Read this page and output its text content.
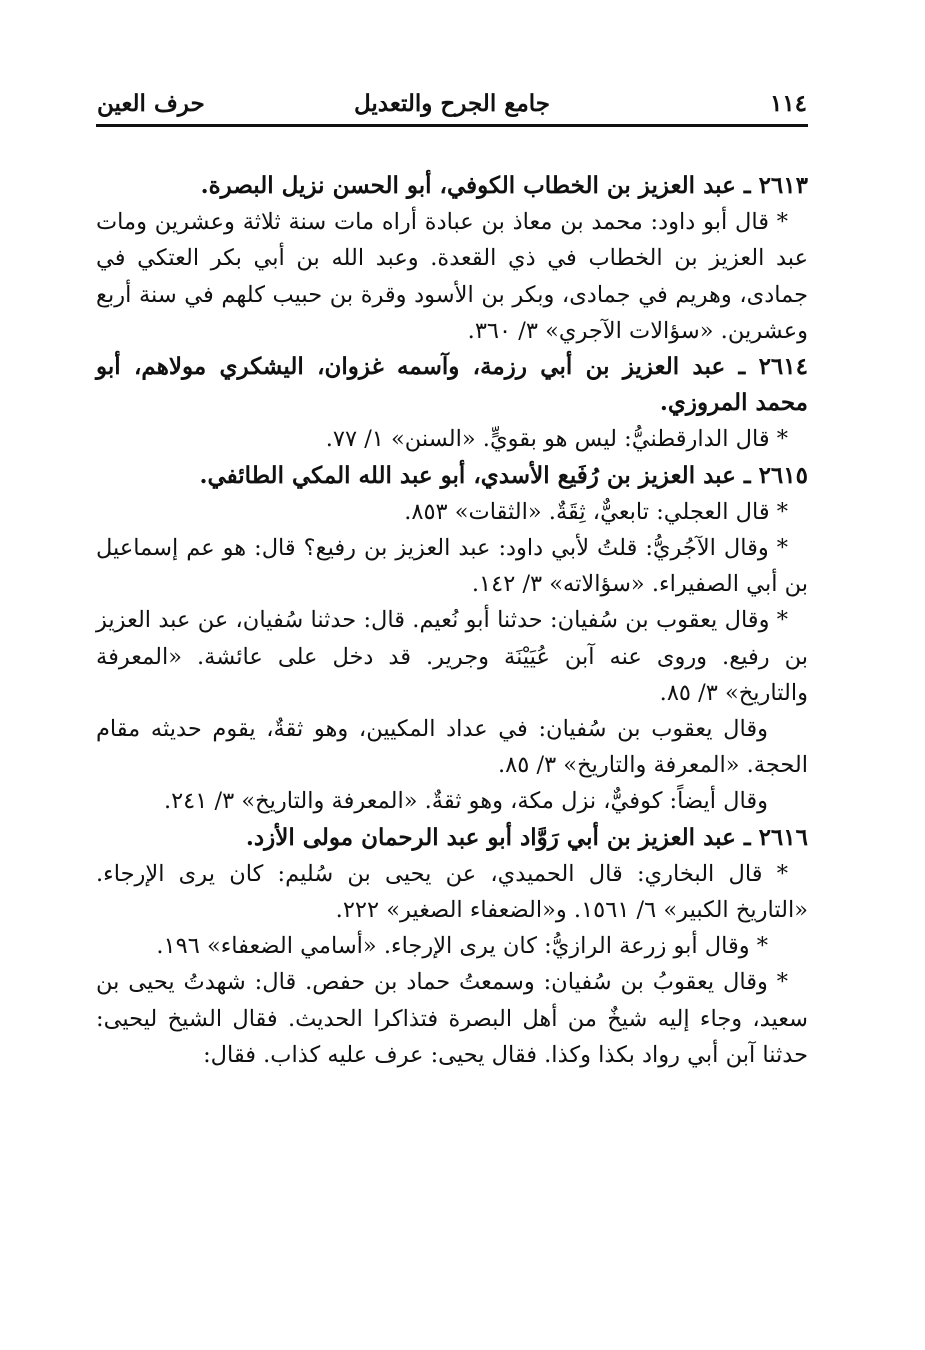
١١٤
جامع الجرح والتعديل
حرف العين

٢٦١٣ ـ عبد العزيز بن الخطاب الكوفي، أبو الحسن نزيل البصرة.

* قال أبو داود: محمد بن معاذ بن عبادة أراه مات سنة ثلاثة وعشرين ومات عبد العزيز بن الخطاب في ذي القعدة. وعبد الله بن أبي بكر العتكي في جمادى، وهريم في جمادى، وبكر بن الأسود وقرة بن حبيب كلهم في سنة أربع وعشرين. «سؤالات الآجري» ٣/ ٣٦٠.

٢٦١٤ ـ عبد العزيز بن أبي رزمة، وآسمه غزوان، اليشكري مولاهم، أبو محمد المروزي.

* قال الدارقطنيُّ: ليس هو بقويٍّ. «السنن» ١/ ٧٧.

٢٦١٥ ـ عبد العزيز بن رُفَيع الأسدي، أبو عبد الله المكي الطائفي.

* قال العجلي: تابعيٌّ، ثِقَةٌ. «الثقات» ٨٥٣.

* وقال الآجُريُّ: قلتُ لأبي داود: عبد العزيز بن رفيع؟ قال: هو عم إسماعيل بن أبي الصفيراء. «سؤالاته» ٣/ ١٤٢.

* وقال يعقوب بن سُفيان: حدثنا أبو نُعيم. قال: حدثنا سُفيان، عن عبد العزيز بن رفيع. وروى عنه آبن عُيَيْنَة وجرير. قد دخل على عائشة. «المعرفة والتاريخ» ٣/ ٨٥.

وقال يعقوب بن سُفيان: في عداد المكيين، وهو ثقةٌ، يقوم حديثه مقام الحجة. «المعرفة والتاريخ» ٣/ ٨٥.

وقال أيضاً: كوفيٌّ، نزل مكة، وهو ثقةٌ. «المعرفة والتاريخ» ٣/ ٢٤١.

٢٦١٦ ـ عبد العزيز بن أبي رَوَّاد أبو عبد الرحمان مولى الأزد.

* قال البخاري: قال الحميدي، عن يحيى بن سُليم: كان يرى الإرجاء. «التاريخ الكبير» ٦/ ١٥٦١. و«الضعفاء الصغير» ٢٢٢.

* وقال أبو زرعة الرازيُّ: كان يرى الإرجاء. «أسامي الضعفاء» ١٩٦.

* وقال يعقوبُ بن سُفيان: وسمعتُ حماد بن حفص. قال: شهدتُ يحيى بن سعيد، وجاء إليه شيخٌ من أهل البصرة فتذاكرا الحديث. فقال الشيخ ليحيى: حدثنا آبن أبي رواد بكذا وكذا. فقال يحيى: عرف عليه كذاب. فقال:
